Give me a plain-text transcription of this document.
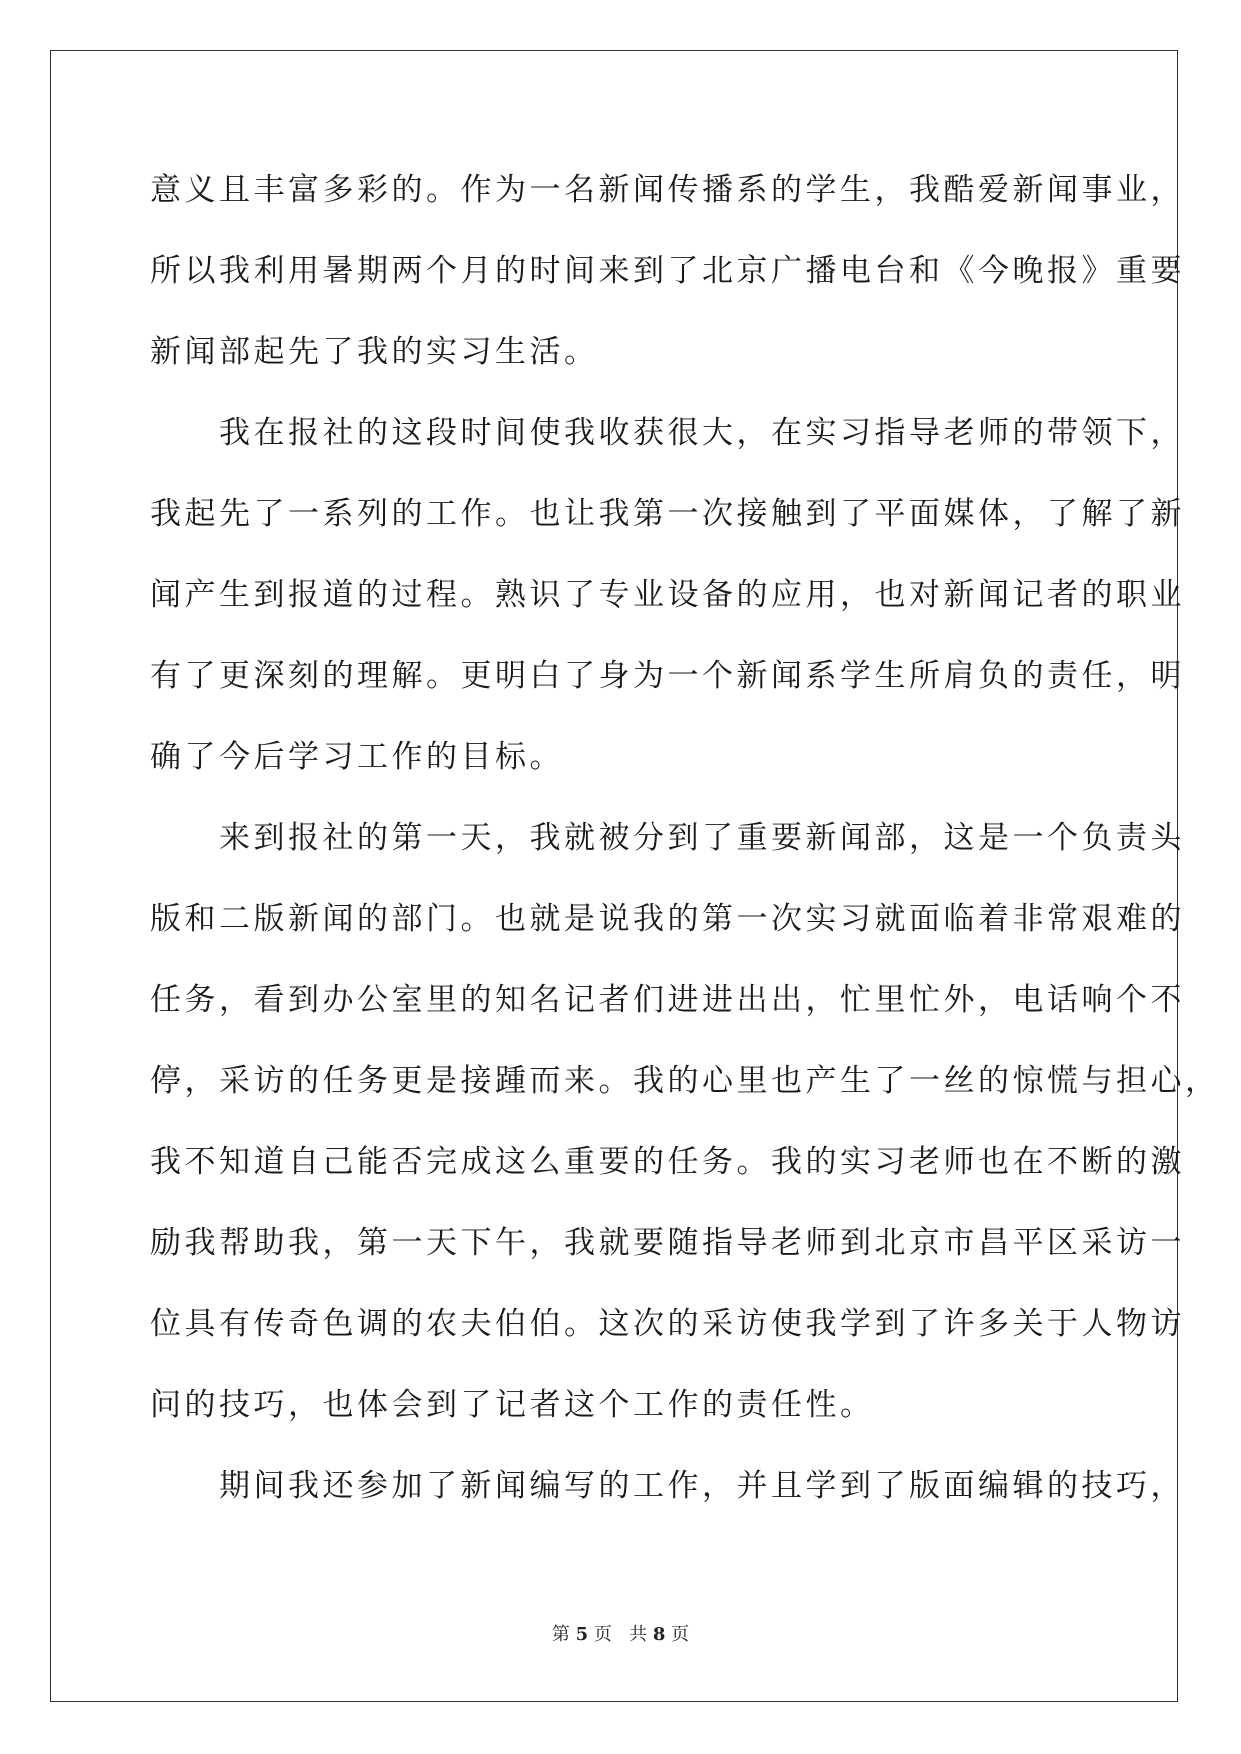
意义且丰富多彩的。作为一名新闻传播系的学生，我酷爱新闻事业，
所以我利用暑期两个月的时间来到了北京广播电台和《今晚报》重要
新闻部起先了我的实习生活。
　　我在报社的这段时间使我收获很大，在实习指导老师的带领下，
我起先了一系列的工作。也让我第一次接触到了平面媒体，了解了新
闻产生到报道的过程。熟识了专业设备的应用，也对新闻记者的职业
有了更深刻的理解。更明白了身为一个新闻系学生所肩负的责任，明
确了今后学习工作的目标。
　　来到报社的第一天，我就被分到了重要新闻部，这是一个负责头
版和二版新闻的部门。也就是说我的第一次实习就面临着非常艰难的
任务，看到办公室里的知名记者们进进出出，忙里忙外，电话响个不
停，采访的任务更是接踵而来。我的心里也产生了一丝的惊慌与担心，
我不知道自己能否完成这么重要的任务。我的实习老师也在不断的激
励我帮助我，第一天下午，我就要随指导老师到北京市昌平区采访一
位具有传奇色调的农夫伯伯。这次的采访使我学到了许多关于人物访
问的技巧，也体会到了记者这个工作的责任性。
　　期间我还参加了新闻编写的工作，并且学到了版面编辑的技巧，
第 5 页 共 8 页
